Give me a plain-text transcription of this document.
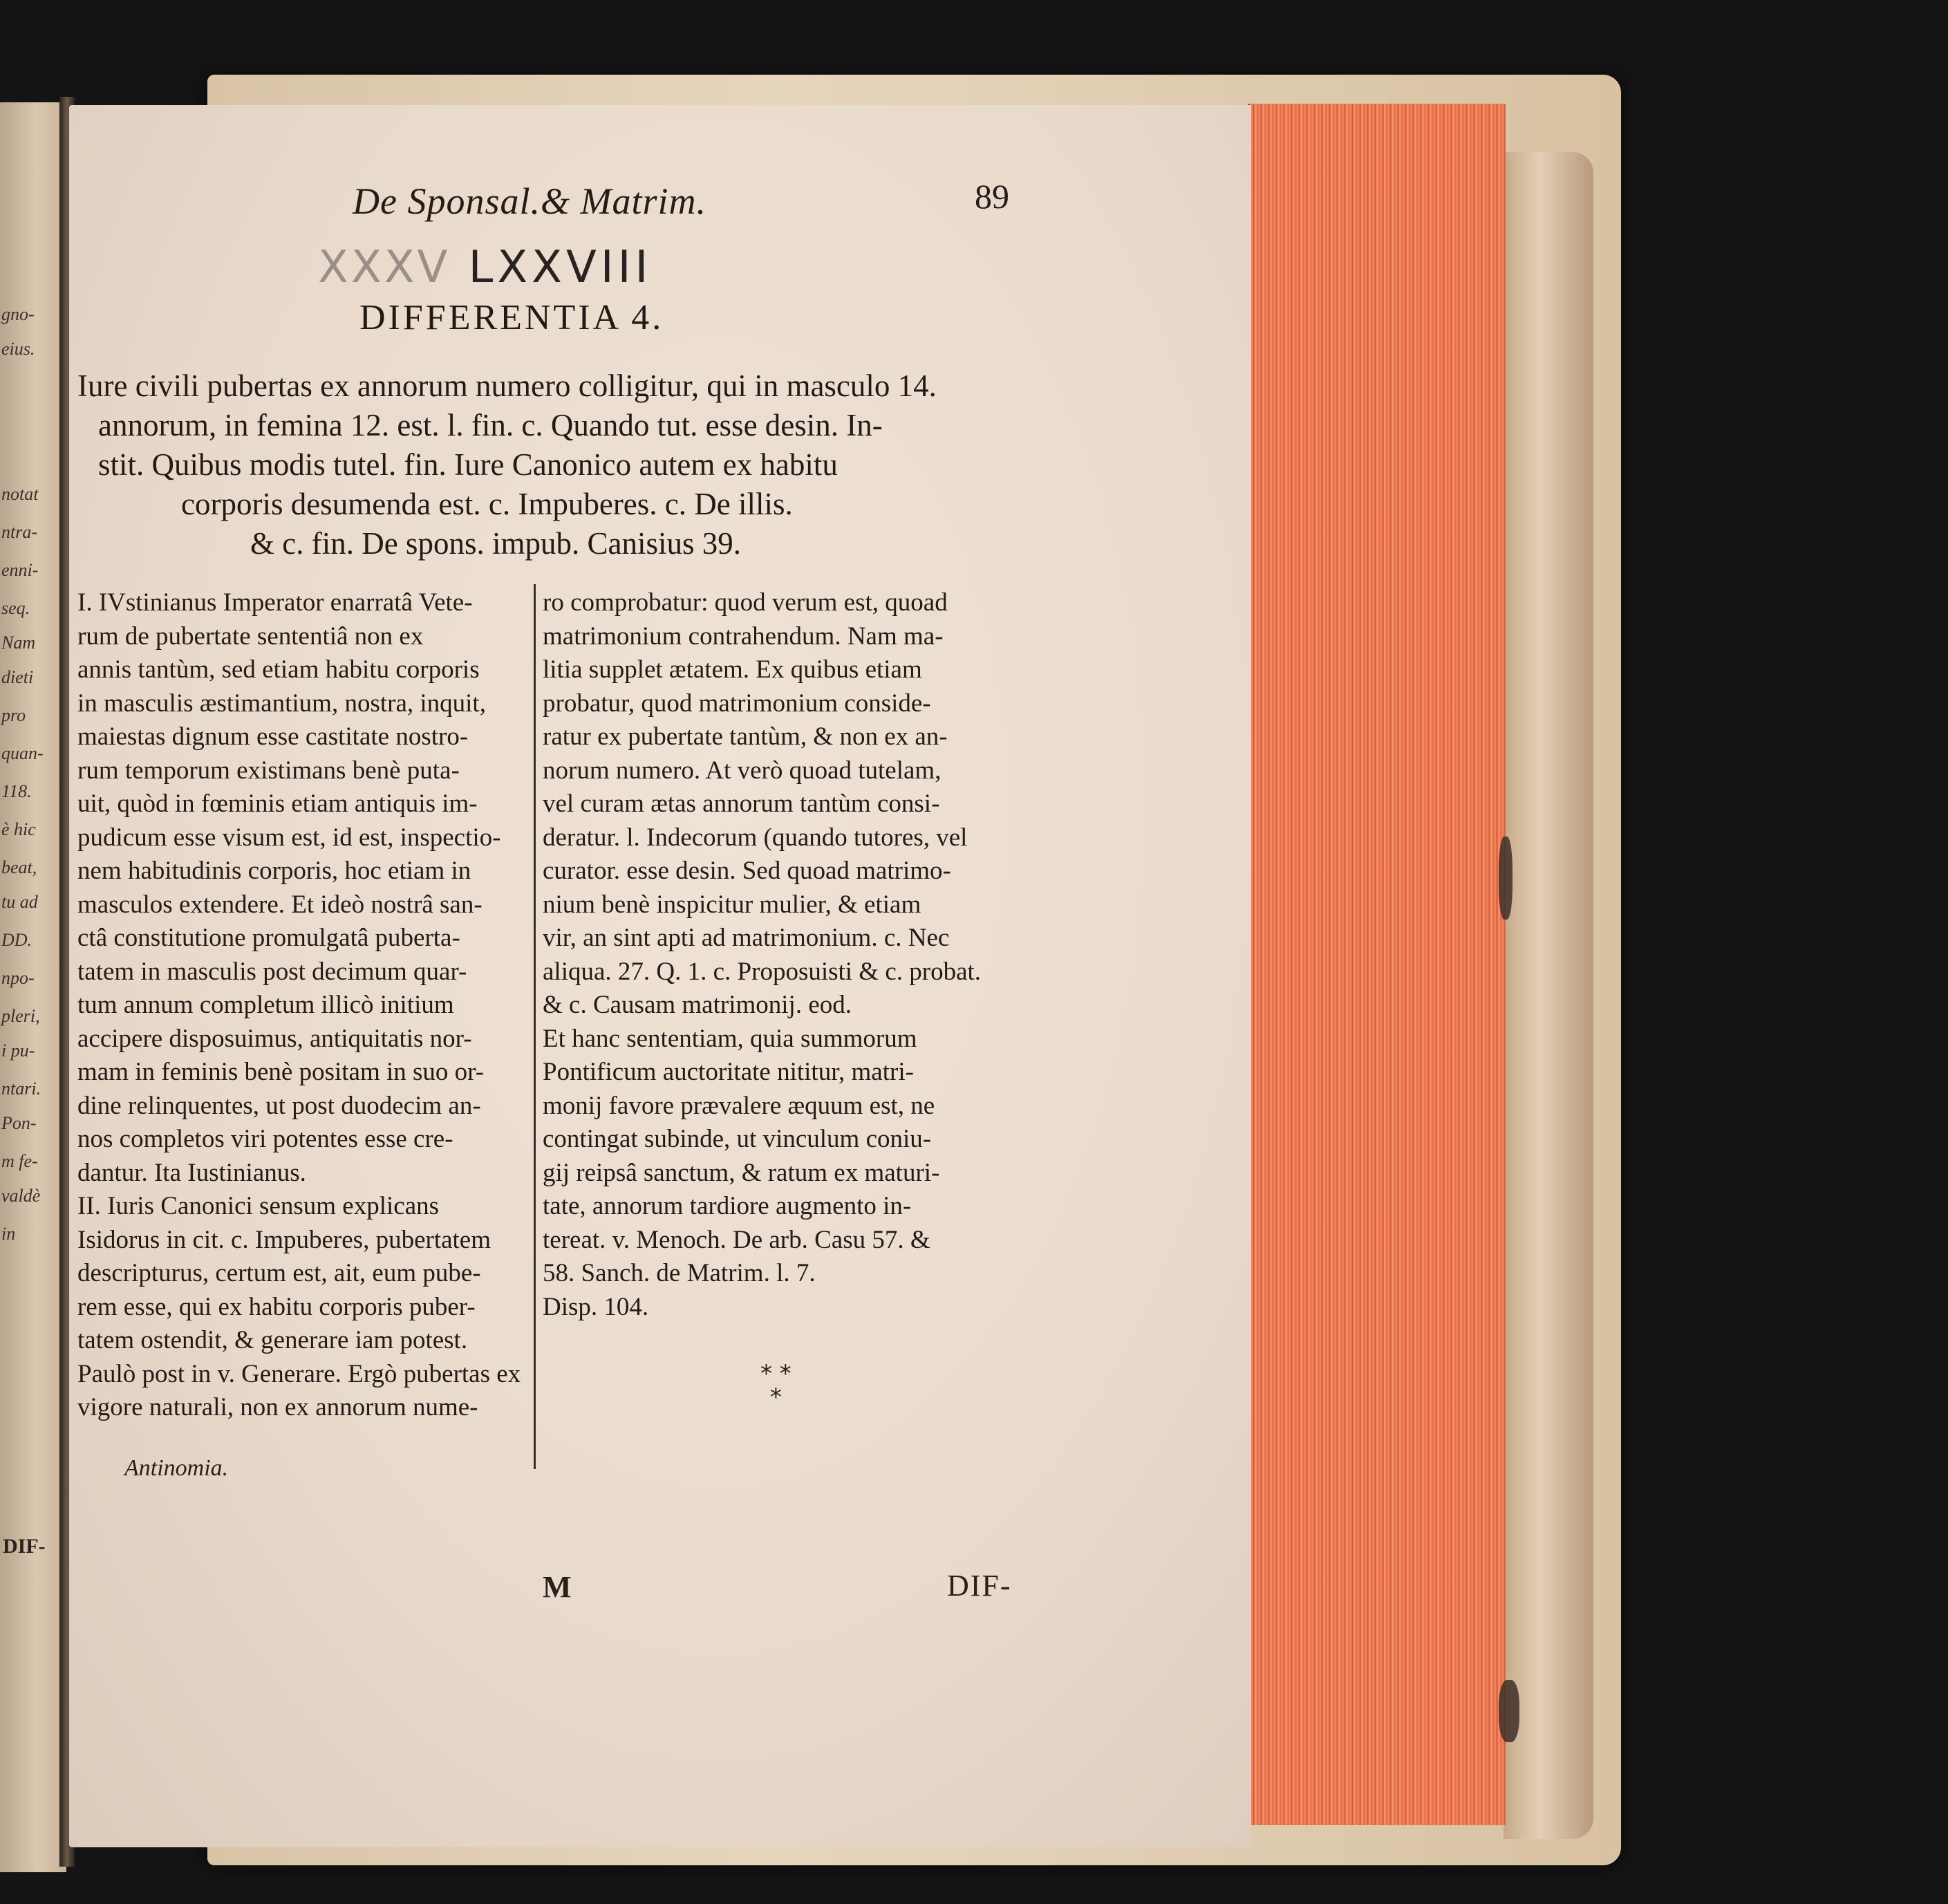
gno-
eius.
notat
ntra-
enni-
seq.
Nam
dieti
pro
quan-
118.
è hic
beat,
tu ad
DD.
npo-
pleri,
i pu-
ntari.
Pon-
m fe-
valdè
in
DIF-
De Sponsal.& Matrim.	89
XXXV LXXVIII
DIFFERENTIA 4.
Iure civili pubertas ex annorum numero colligitur, qui in masculo 14.
annorum, in femina 12. est. l. fin. c. Quando tut. esse desin. In-
stit. Quibus modis tutel. fin. Iure Canonico autem ex habitu
corporis desumenda est. c. Impuberes. c. De illis.
& c. fin. De spons. impub. Canisius 39.
I. IVstinianus Imperator enarratâ Vete-
rum de pubertate sententiâ non ex
annis tantùm, sed etiam habitu corporis
in masculis æstimantium, nostra, inquit,
maiestas dignum esse castitate nostro-
rum temporum existimans benè puta-
uit, quòd in fœminis etiam antiquis im-
pudicum esse visum est, id est, inspectio-
nem habitudinis corporis, hoc etiam in
masculos extendere. Et ideò nostrâ san-
ctâ constitutione promulgatâ puberta-
tatem in masculis post decimum quar-
tum annum completum illicò initium
accipere disposuimus, antiquitatis nor-
mam in feminis benè positam in suo or-
dine relinquentes, ut post duodecim an-
nos completos viri potentes esse cre-
dantur. Ita Iustinianus.
II. Iuris Canonici sensum explicans
Isidorus in cit. c. Impuberes, pubertatem
descripturus, certum est, ait, eum pube-
rem esse, qui ex habitu corporis puber-
tatem ostendit, & generare iam potest.
Paulò post in v. Generare. Ergò pubertas ex
vigore naturali, non ex annorum nume-
ro comprobatur: quod verum est, quoad
matrimonium contrahendum. Nam ma-
litia supplet ætatem. Ex quibus etiam
probatur, quod matrimonium conside-
ratur ex pubertate tantùm, & non ex an-
norum numero. At verò quoad tutelam,
vel curam ætas annorum tantùm consi-
deratur. l. Indecorum (quando tutores, vel
curator. esse desin. Sed quoad matrimo-
nium benè inspicitur mulier, & etiam
vir, an sint apti ad matrimonium. c. Nec
aliqua. 27. Q. 1. c. Proposuisti & c. probat.
& c. Causam matrimonij. eod.
Et hanc sententiam, quia summorum
Pontificum auctoritate nititur, matri-
monij favore prævalere æquum est, ne
contingat subinde, ut vinculum coniu-
gij reipsâ sanctum, & ratum ex maturi-
tate, annorum tardiore augmento in-
tereat. v. Menoch. De arb. Casu 57. &
58. Sanch. de Matrim. l. 7.
Disp. 104.
* *
*
Antinomia.
M	DIF-
